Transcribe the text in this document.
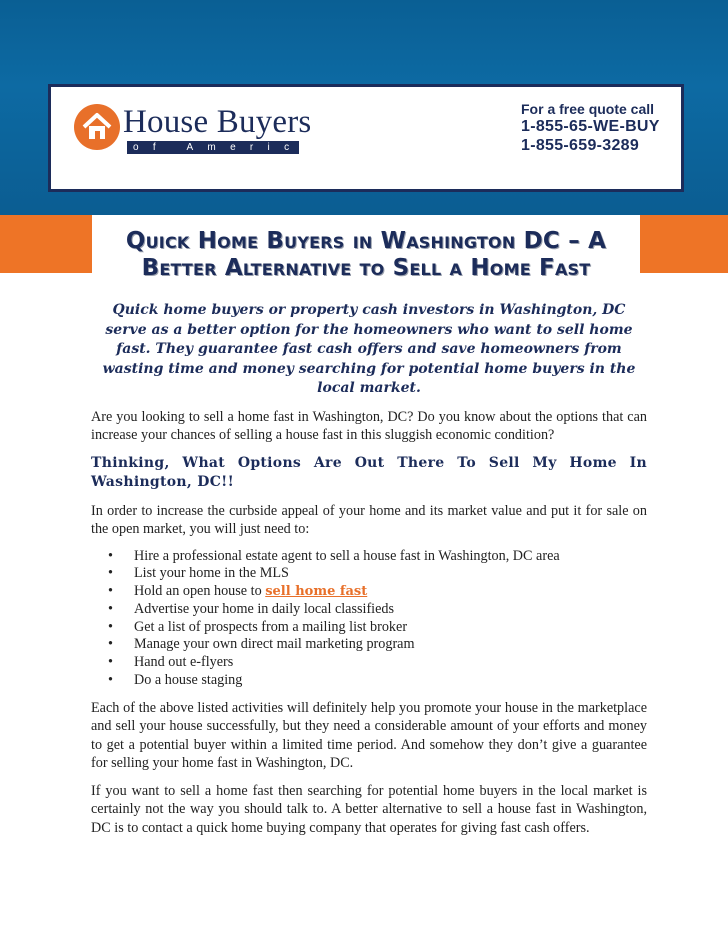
House Buyers
of America™
For a free quote call
1-855-65-WE-BUY
1-855-659-3289
Quick Home Buyers in Washington DC – A Better Alternative to Sell a Home Fast

Quick home buyers or property cash investors in Washington, DC serve as a better option for the homeowners who want to sell home fast. They guarantee fast cash offers and save homeowners from wasting time and money searching for potential home buyers in the local market.

Are you looking to sell a home fast in Washington, DC? Do you know about the options that can increase your chances of selling a house fast in this sluggish economic condition?

Thinking, What Options Are Out There To Sell My Home In Washington, DC!!

In order to increase the curbside appeal of your home and its market value and put it for sale on the open market, you will just need to:

• Hire a professional estate agent to sell a house fast in Washington, DC area
• List your home in the MLS
• Hold an open house to sell home fast
• Advertise your home in daily local classifieds
• Get a list of prospects from a mailing list broker
• Manage your own direct mail marketing program
• Hand out e-flyers
• Do a house staging

Each of the above listed activities will definitely help you promote your house in the marketplace and sell your house successfully, but they need a considerable amount of your efforts and money to get a potential buyer within a limited time period. And somehow they don’t give a guarantee for selling your home fast in Washington, DC.

If you want to sell a home fast then searching for potential home buyers in the local market is certainly not the way you should talk to. A better alternative to sell a house fast in Washington, DC is to contact a quick home buying company that operates for giving fast cash offers.
